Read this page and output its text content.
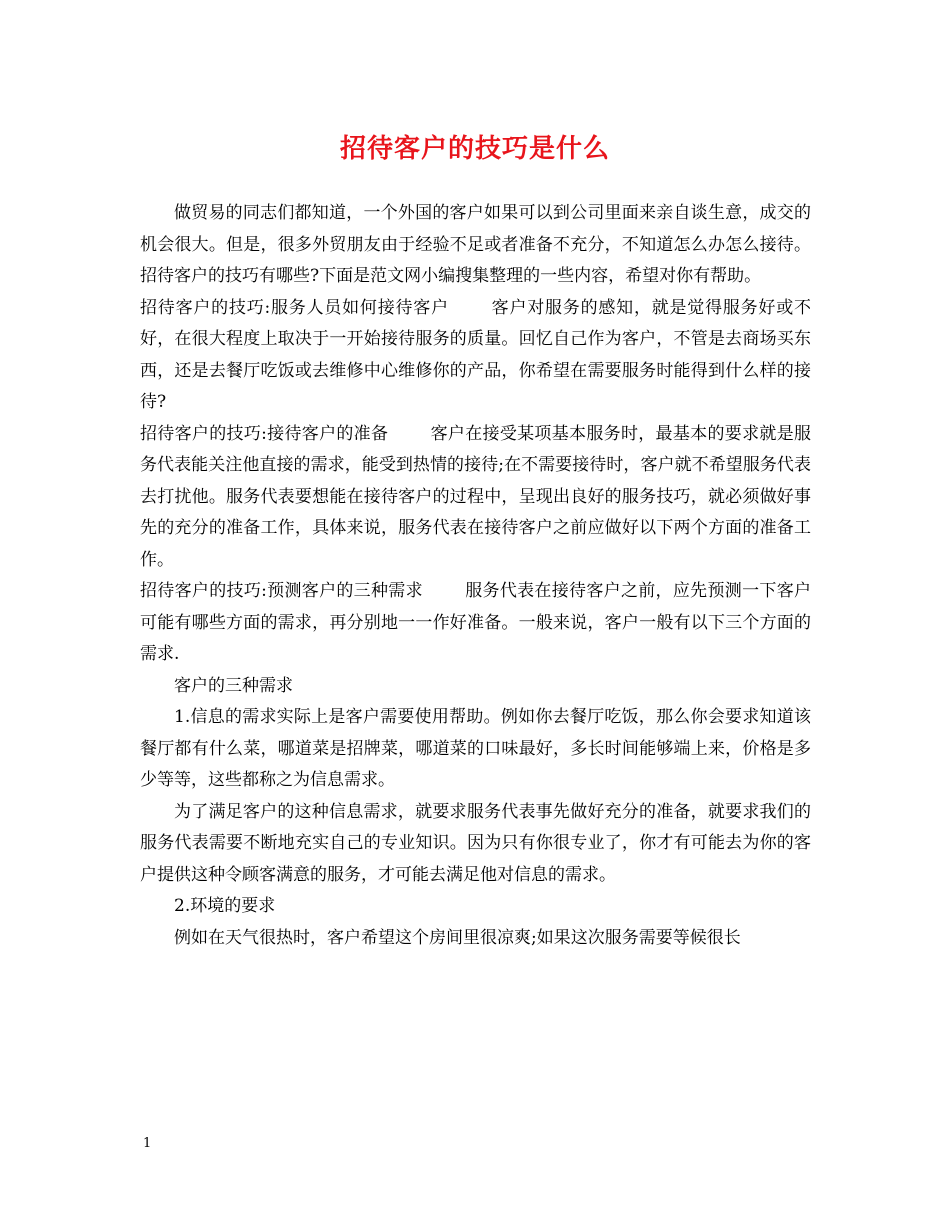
招待客户的技巧是什么

做贸易的同志们都知道，一个外国的客户如果可以到公司里面来亲自谈生意，成交的机会很大。但是，很多外贸朋友由于经验不足或者准备不充分，不知道怎么办怎么接待。招待客户的技巧有哪些?下面是范文网小编搜集整理的一些内容，希望对你有帮助。

招待客户的技巧:服务人员如何接待客户 客户对服务的感知，就是觉得服务好或不好，在很大程度上取决于一开始接待服务的质量。回忆自己作为客户，不管是去商场买东西，还是去餐厅吃饭或去维修中心维修你的产品，你希望在需要服务时能得到什么样的接待?

招待客户的技巧:接待客户的准备 客户在接受某项基本服务时，最基本的要求就是服务代表能关注他直接的需求，能受到热情的接待;在不需要接待时，客户就不希望服务代表去打扰他。服务代表要想能在接待客户的过程中，呈现出良好的服务技巧，就必须做好事先的充分的准备工作，具体来说，服务代表在接待客户之前应做好以下两个方面的准备工作。

招待客户的技巧:预测客户的三种需求 服务代表在接待客户之前，应先预测一下客户可能有哪些方面的需求，再分别地一一作好准备。一般来说，客户一般有以下三个方面的需求.

客户的三种需求

1.信息的需求实际上是客户需要使用帮助。例如你去餐厅吃饭，那么你会要求知道该餐厅都有什么菜，哪道菜是招牌菜，哪道菜的口味最好，多长时间能够端上来，价格是多少等等，这些都称之为信息需求。

为了满足客户的这种信息需求，就要求服务代表事先做好充分的准备，就要求我们的服务代表需要不断地充实自己的专业知识。因为只有你很专业了，你才有可能去为你的客户提供这种令顾客满意的服务，才可能去满足他对信息的需求。

2.环境的要求

例如在天气很热时，客户希望这个房间里很凉爽;如果这次服务需要等候很长

1
